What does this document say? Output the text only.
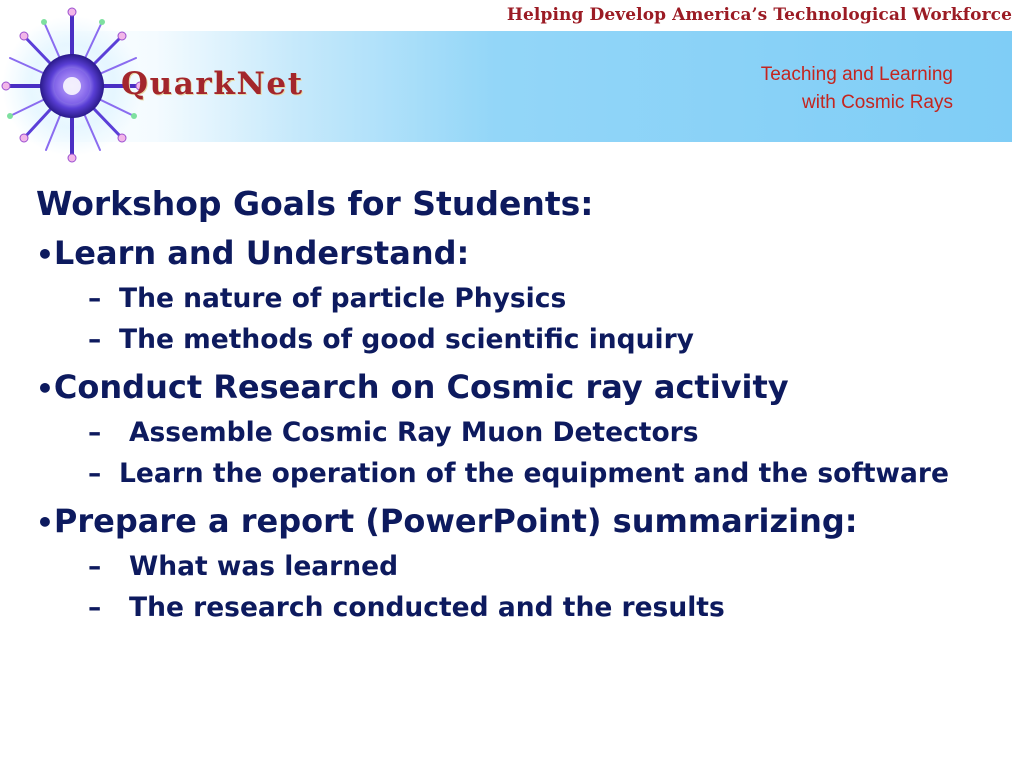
Helping Develop America’s Technological Workforce
QuarkNet	Teaching and Learning
with Cosmic Rays
Workshop Goals for Students:
•Learn and Understand:
– The nature of particle Physics
– The methods of good scientific inquiry
•Conduct Research on Cosmic ray activity
– Assemble Cosmic Ray Muon Detectors
– Learn the operation of the equipment and the software
•Prepare a report (PowerPoint) summarizing:
– What was learned
– The research conducted and the results
